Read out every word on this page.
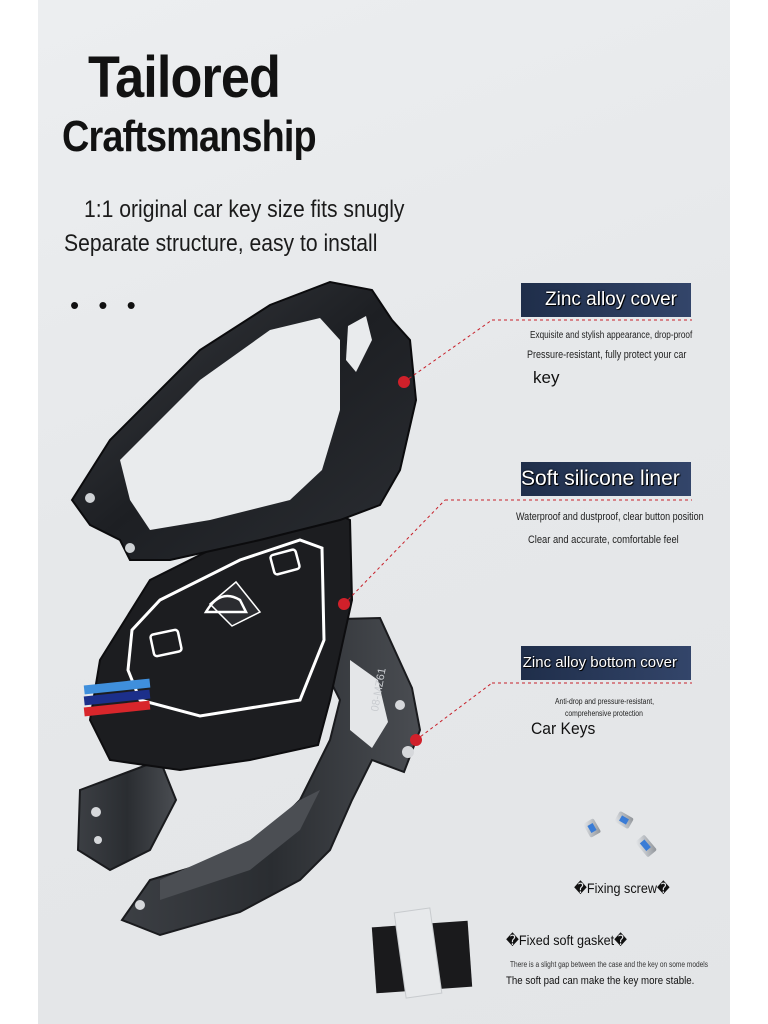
08-MZ61
Tailored
Craftsmanship
1:1 original car key size fits snugly
Separate structure, easy to install
• • •	Zinc alloy cover
Exquisite and stylish appearance, drop-proof
Pressure-resistant, fully protect your car
key
Soft silicone liner
Waterproof and dustproof, clear button position
Clear and accurate, comfortable feel
Zinc alloy bottom cover
Anti-drop and pressure-resistant,
comprehensive protection
Car Keys
�Fixing screw�
�Fixed soft gasket�
There is a slight gap between the case and the key on some models
The soft pad can make the key more stable.
